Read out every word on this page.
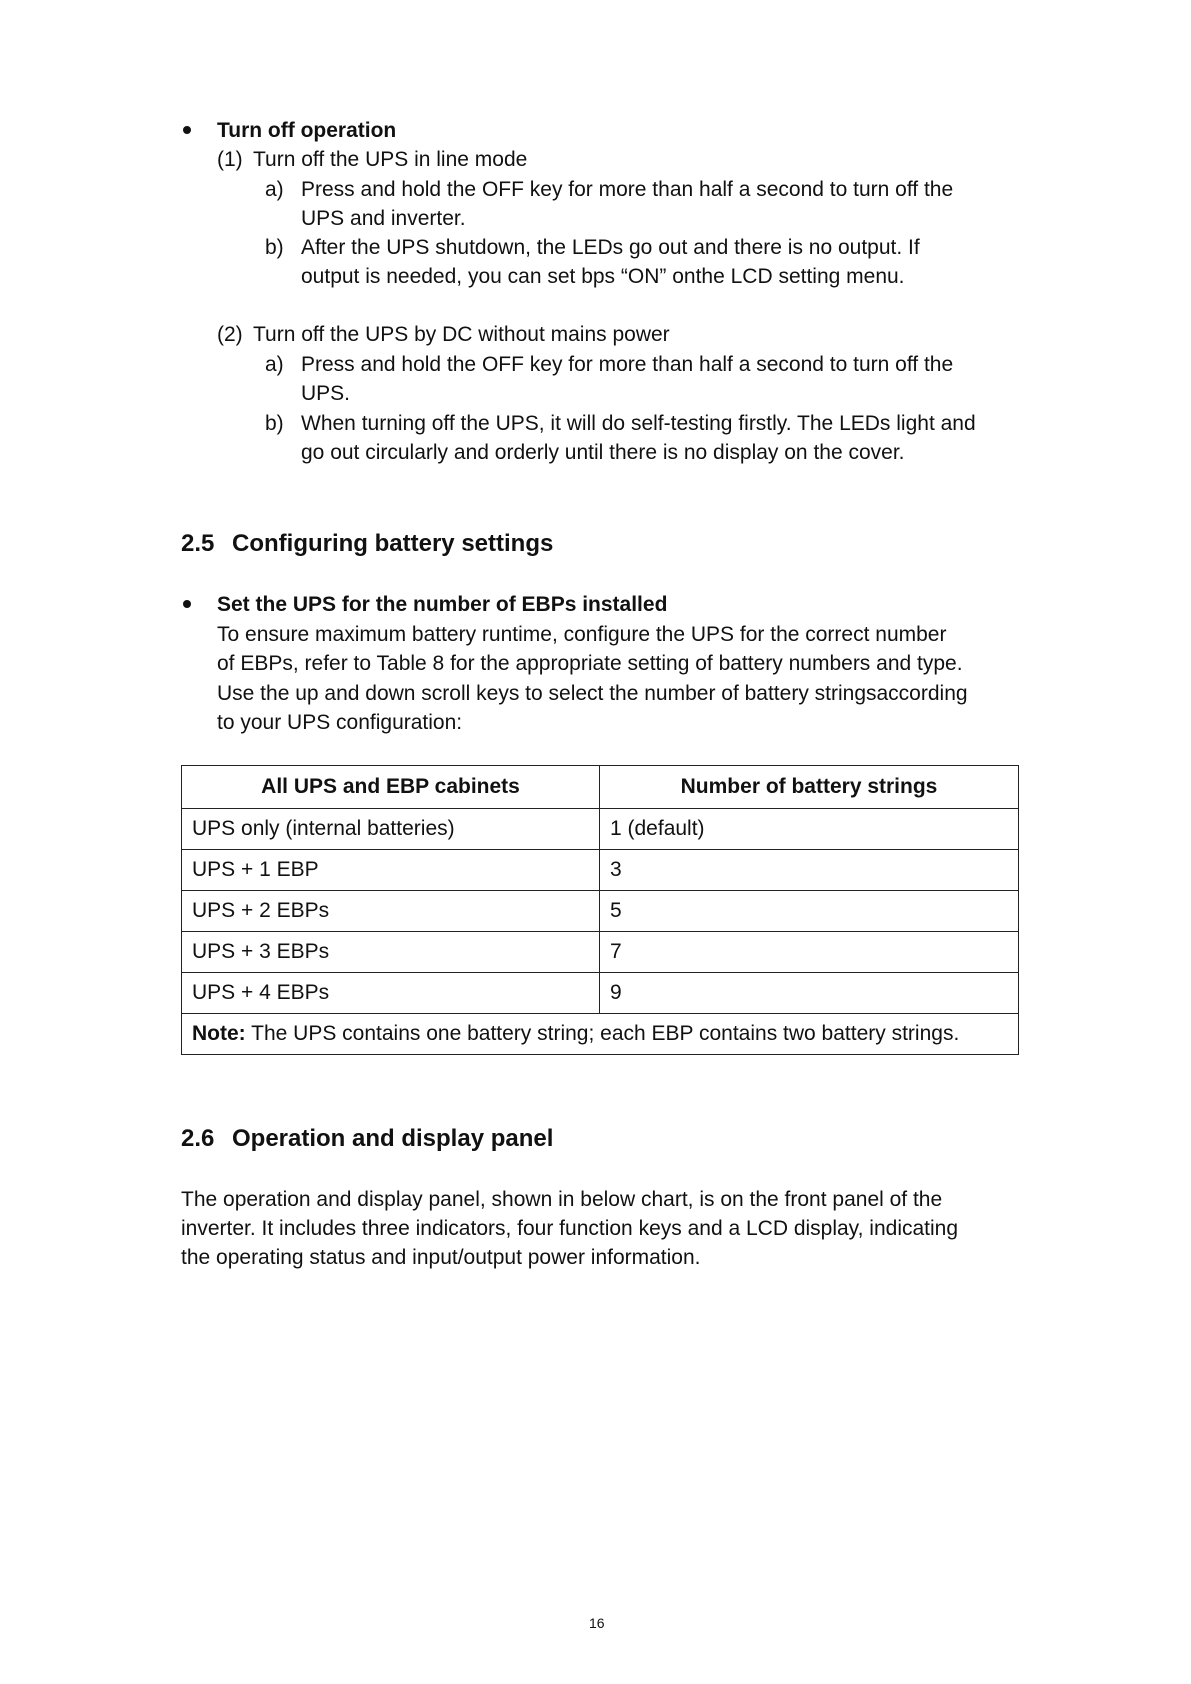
Turn off operation
(1) Turn off the UPS in line mode
a) Press and hold the OFF key for more than half a second to turn off the
UPS and inverter.
b) After the UPS shutdown, the LEDs go out and there is no output. If
output is needed, you can set bps “ON” onthe LCD setting menu.
(2) Turn off the UPS by DC without mains power
a) Press and hold the OFF key for more than half a second to turn off the
UPS.
b) When turning off the UPS, it will do self-testing firstly. The LEDs light and
go out circularly and orderly until there is no display on the cover.
2.5 Configuring battery settings
Set the UPS for the number of EBPs installed
To ensure maximum battery runtime, configure the UPS for the correct number
of EBPs, refer to Table 8 for the appropriate setting of battery numbers and type.
Use the up and down scroll keys to select the number of battery stringsaccording
to your UPS configuration:
All UPS and EBP cabinets	Number of battery strings
UPS only (internal batteries)	1 (default)
UPS + 1 EBP	3
UPS + 2 EBPs	5
UPS + 3 EBPs	7
UPS + 4 EBPs	9
Note: The UPS contains one battery string; each EBP contains two battery strings.	
2.6 Operation and display panel
The operation and display panel, shown in below chart, is on the front panel of the
inverter. It includes three indicators, four function keys and a LCD display, indicating
the operating status and input/output power information.
16
